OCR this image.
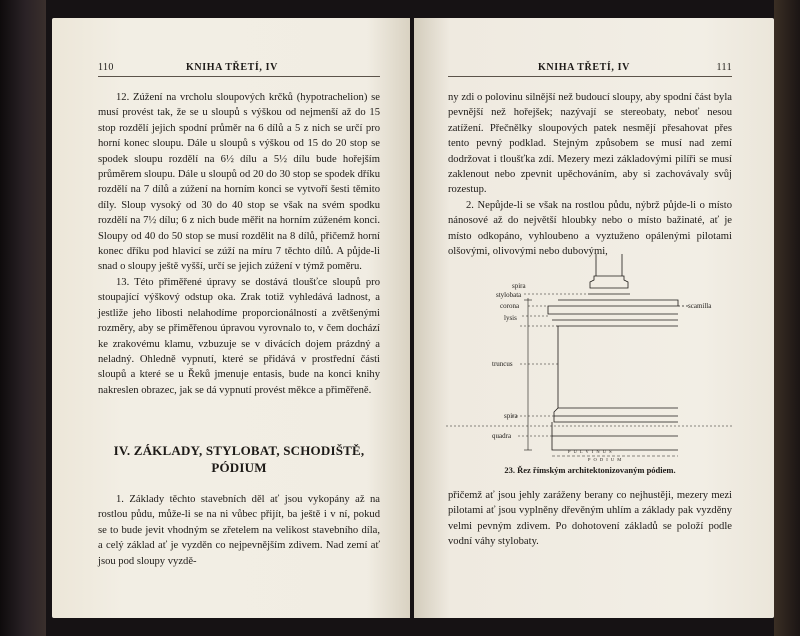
110	KNIHA TŘETÍ, IV

12. Zúžení na vrcholu sloupových krčků (hypotrachelion) se musí provést tak, že se u sloupů s výškou od nejmenší až do 15 stop rozdělí jejich spodní průměr na 6 dílů a 5 z nich se určí pro horní konec sloupu. Dále u sloupů s výškou od 15 do 20 stop se spodek sloupu rozdělí na 6½ dílu a 5½ dílu bude hořejším průměrem sloupu. Dále u sloupů od 20 do 30 stop se spodek dříku rozdělí na 7 dílů a zúžení na horním konci se vytvoří šesti těmito díly. Sloup vysoký od 30 do 40 stop se však na svém spodku rozdělí na 7½ dílu; 6 z nich bude měřit na horním zúženém konci. Sloupy od 40 do 50 stop se musí rozdělit na 8 dílů, přičemž horní konec dříku pod hlavicí se zúží na míru 7 těchto dílů. A půjde-li snad o sloupy ještě vyšší, určí se jejich zúžení v týmž poměru.

13. Této přiměřené úpravy se dostává tloušťce sloupů pro stoupající výškový odstup oka. Zrak totiž vyhledává ladnost, a jestliže jeho libosti nelahodíme proporcionálností a zvětšenými rozměry, aby se přiměřenou úpravou vyrovnalo to, v čem dochází ke zrakovému klamu, vzbuzuje se v divácích dojem prázdný a neladný. Ohledně vypnutí, které se přidává v prostřední části sloupů a které se u Řeků jmenuje entasis, bude na konci knihy nakreslen obrazec, jak se dá vypnutí provést měkce a přiměřeně.

IV. ZÁKLADY, STYLOBAT, SCHODIŠTĚ,
PÓDIUM

1. Základy těchto stavebních děl ať jsou vykopány až na rostlou půdu, může-li se na ni vůbec přijít, ba ještě i v ní, pokud se to bude jevit vhodným se zřetelem na velikost stavebního díla, a celý základ ať je vyzděn co nejpevnějším zdivem. Nad zemí ať jsou pod sloupy vyzdě-

KNIHA TŘETÍ, IV	111

ny zdi o polovinu silnější než budoucí sloupy, aby spodní část byla pevnější než hořejšek; nazývají se stereobaty, neboť nesou zatížení. Přečnělky sloupových patek nesmějí přesahovat přes tento pevný podklad. Stejným způsobem se musí nad zemí dodržovat i tloušťka zdí. Mezery mezi základovými pilíři se musí zaklenout nebo zpevnit upěchováním, aby si zachovávaly svůj rozestup.

2. Nepůjde-li se však na rostlou půdu, nýbrž půjde-li o místo nánosové až do největší hloubky nebo o místo bažinaté, ať je místo odkopáno, vyhloubeno a vyztuženo opálenými pilotami olšovými, olivovými nebo dubovými,

spira
stylobata
corona
lysis
truncus
spira
quadra
scamilla
P U L V I N U S
P O D I U M
23. Řez římským architektonizovaným pódiem.

přičemž ať jsou jehly zaráženy berany co nejhustěji, mezery mezi pilotami ať jsou vyplněny dřevěným uhlím a základy pak vyzděny velmi pevným zdivem. Po dohotovení základů se položí podle vodní váhy stylobaty.
